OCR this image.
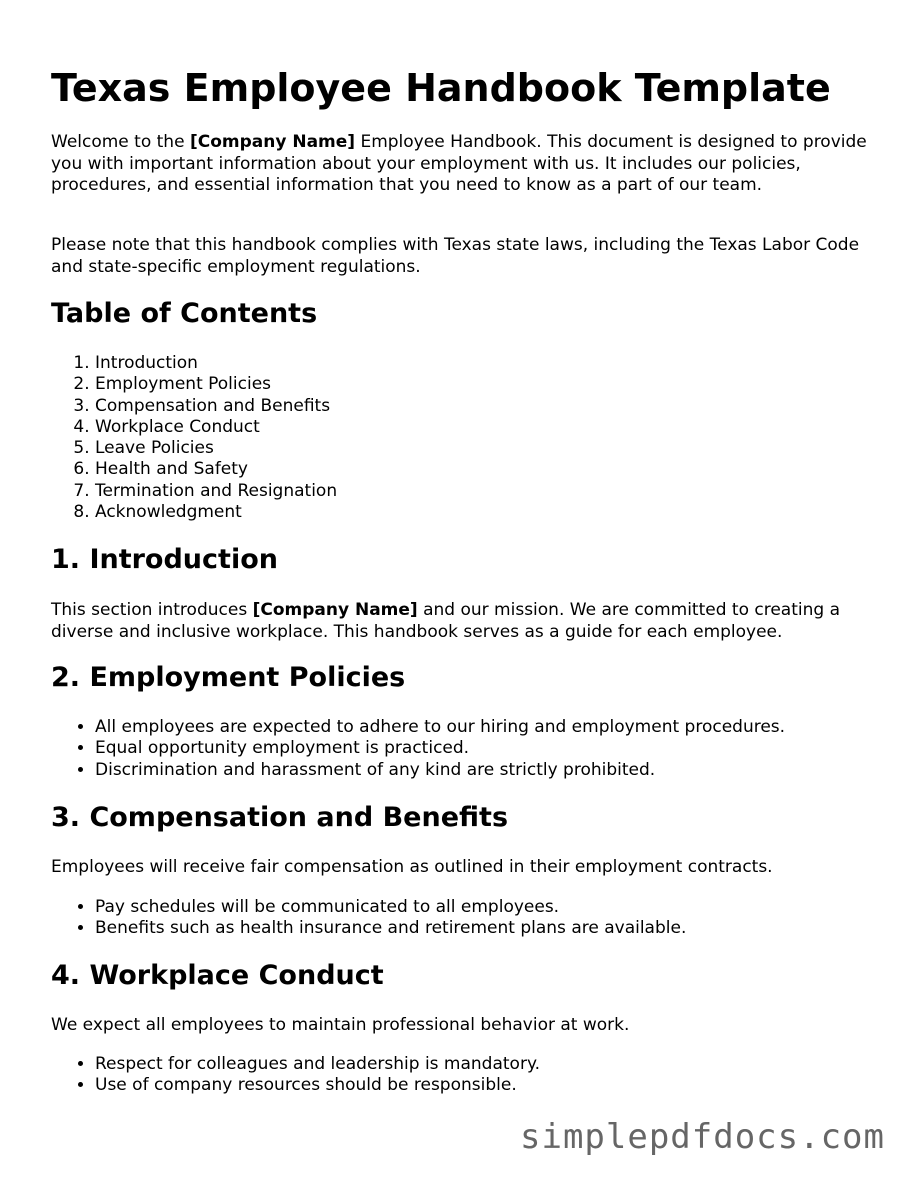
Texas Employee Handbook Template

Welcome to the [Company Name] Employee Handbook. This document is designed to provide you with important information about your employment with us. It includes our policies, procedures, and essential information that you need to know as a part of our team.

Please note that this handbook complies with Texas state laws, including the Texas Labor Code and state-specific employment regulations.

Table of Contents
1. Introduction
2. Employment Policies
3. Compensation and Benefits
4. Workplace Conduct
5. Leave Policies
6. Health and Safety
7. Termination and Resignation
8. Acknowledgment
1. Introduction

This section introduces [Company Name] and our mission. We are committed to creating a diverse and inclusive workplace. This handbook serves as a guide for each employee.

2. Employment Policies
• All employees are expected to adhere to our hiring and employment procedures.
• Equal opportunity employment is practiced.
• Discrimination and harassment of any kind are strictly prohibited.
3. Compensation and Benefits

Employees will receive fair compensation as outlined in their employment contracts.

• Pay schedules will be communicated to all employees.
• Benefits such as health insurance and retirement plans are available.
4. Workplace Conduct

We expect all employees to maintain professional behavior at work.

• Respect for colleagues and leadership is mandatory.
• Use of company resources should be responsible.
simplepdfdocs.com
